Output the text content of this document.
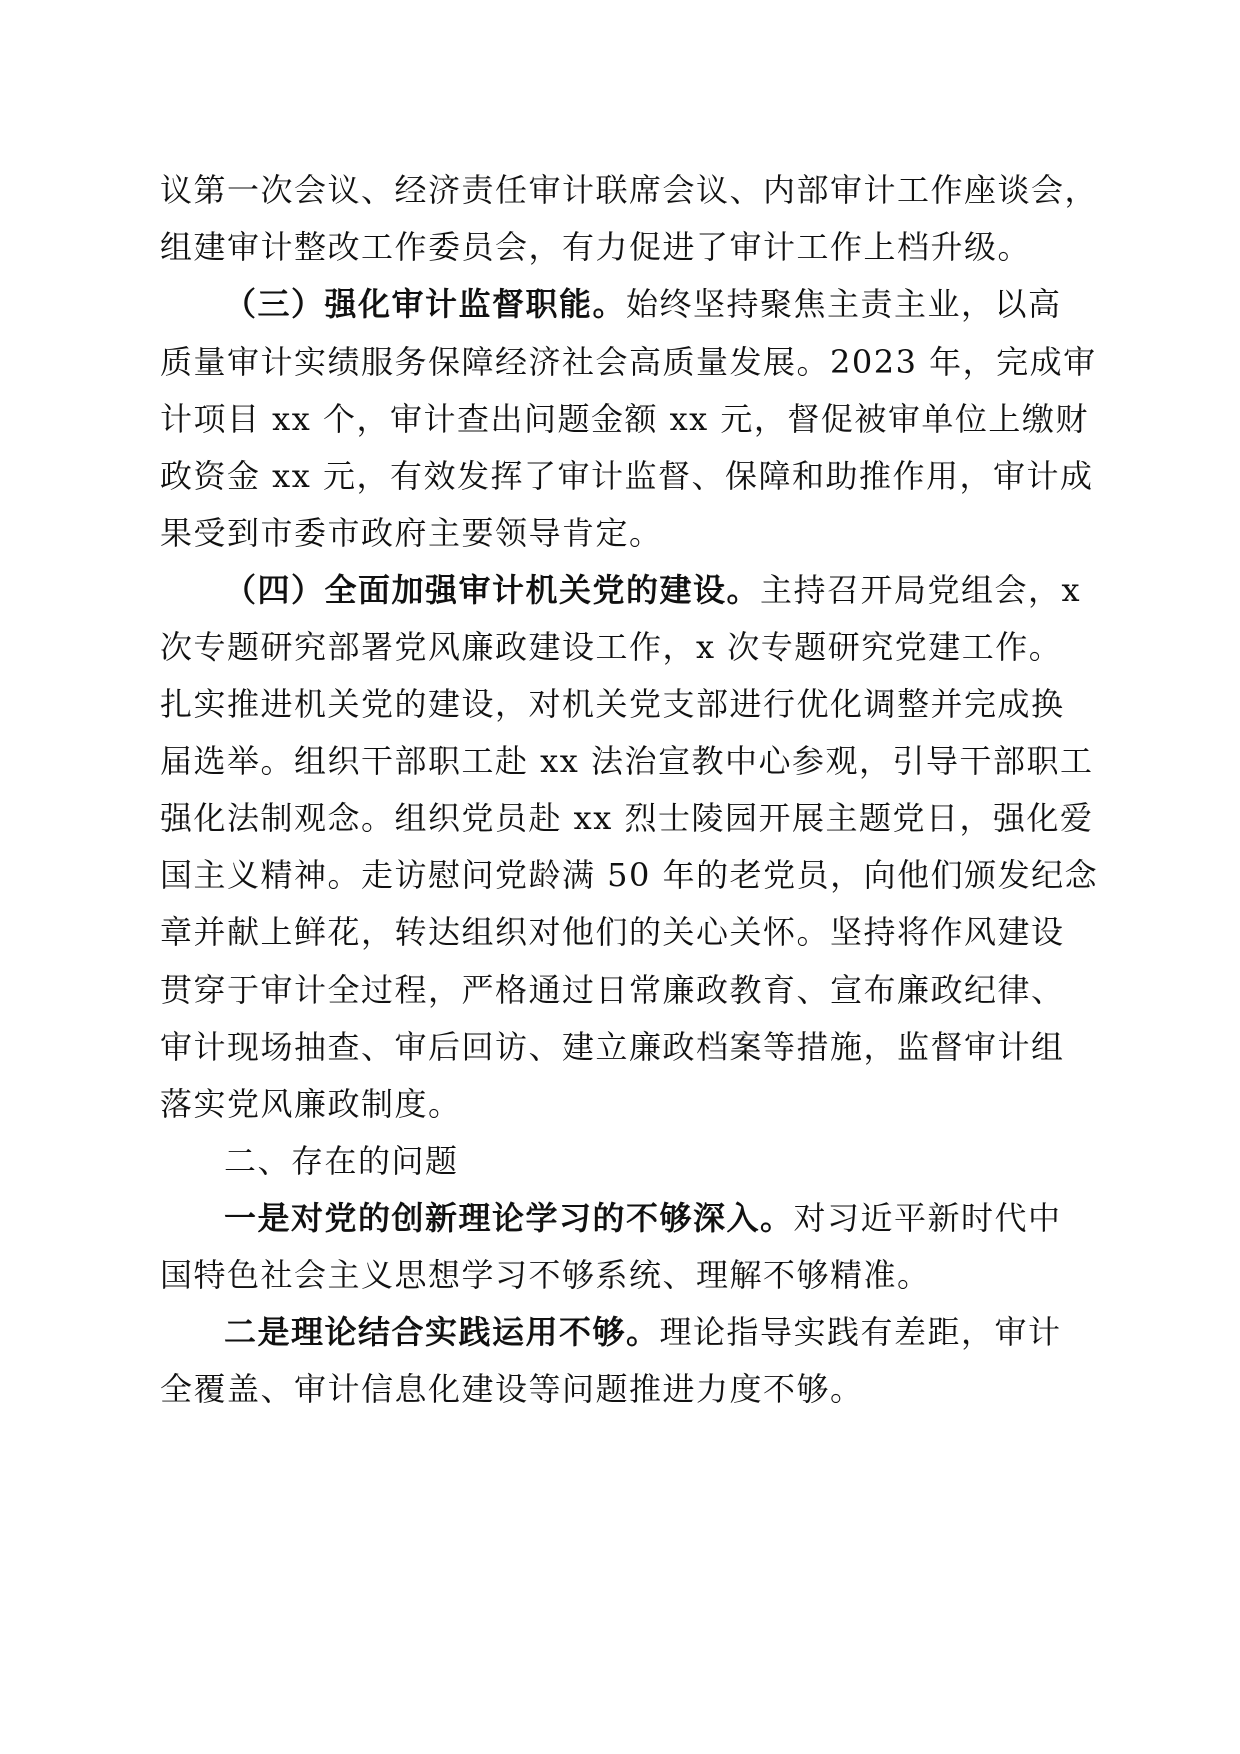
议第一次会议、经济责任审计联席会议、内部审计工作座谈会，
组建审计整改工作委员会，有力促进了审计工作上档升级。
（三）强化审计监督职能。始终坚持聚焦主责主业，以高
质量审计实绩服务保障经济社会高质量发展。2023 年，完成审
计项目 xx 个，审计查出问题金额 xx 元，督促被审单位上缴财
政资金 xx 元，有效发挥了审计监督、保障和助推作用，审计成
果受到市委市政府主要领导肯定。
（四）全面加强审计机关党的建设。主持召开局党组会，x
次专题研究部署党风廉政建设工作，x 次专题研究党建工作。
扎实推进机关党的建设，对机关党支部进行优化调整并完成换
届选举。组织干部职工赴 xx 法治宣教中心参观，引导干部职工
强化法制观念。组织党员赴 xx 烈士陵园开展主题党日，强化爱
国主义精神。走访慰问党龄满 50 年的老党员，向他们颁发纪念
章并献上鲜花，转达组织对他们的关心关怀。坚持将作风建设
贯穿于审计全过程，严格通过日常廉政教育、宣布廉政纪律、
审计现场抽查、审后回访、建立廉政档案等措施，监督审计组
落实党风廉政制度。
二、存在的问题
一是对党的创新理论学习的不够深入。对习近平新时代中
国特色社会主义思想学习不够系统、理解不够精准。
二是理论结合实践运用不够。理论指导实践有差距，审计
全覆盖、审计信息化建设等问题推进力度不够。
